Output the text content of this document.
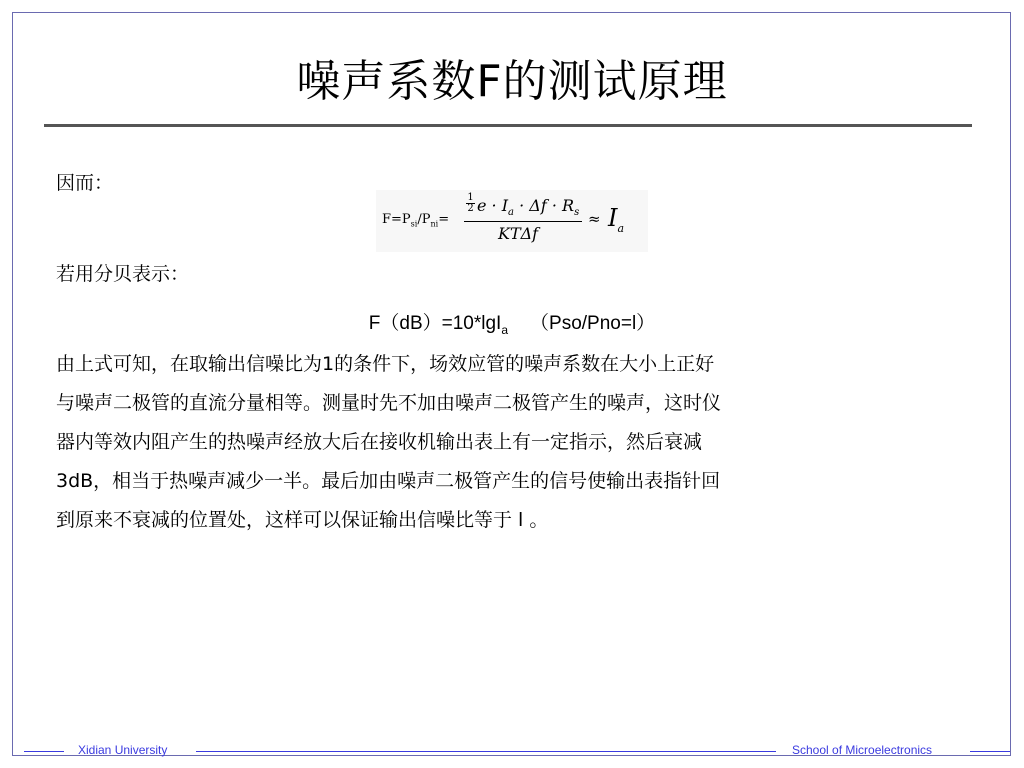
噪声系数F的测试原理
因而：
$F=P_{si}/P_{ni}=$
1
2 $e \cdot I_a \cdot \Delta f \cdot R_s$
KTΔf
≈ $I_a$
若用分贝表示：
F（dB）=10*lgI$_a$ （Pso/Pno=l）
由上式可知，在取输出信噪比为1的条件下，场效应管的噪声系数在大小上正好
与噪声二极管的直流分量相等。测量时先不加由噪声二极管产生的噪声，这时仪
器内等效内阻产生的热噪声经放大后在接收机输出表上有一定指示，然后衰减
3dB，相当于热噪声减少一半。最后加由噪声二极管产生的信号使输出表指针回
到原来不衰减的位置处，这样可以保证输出信噪比等于 l 。
Xidian University	School of Microelectronics
